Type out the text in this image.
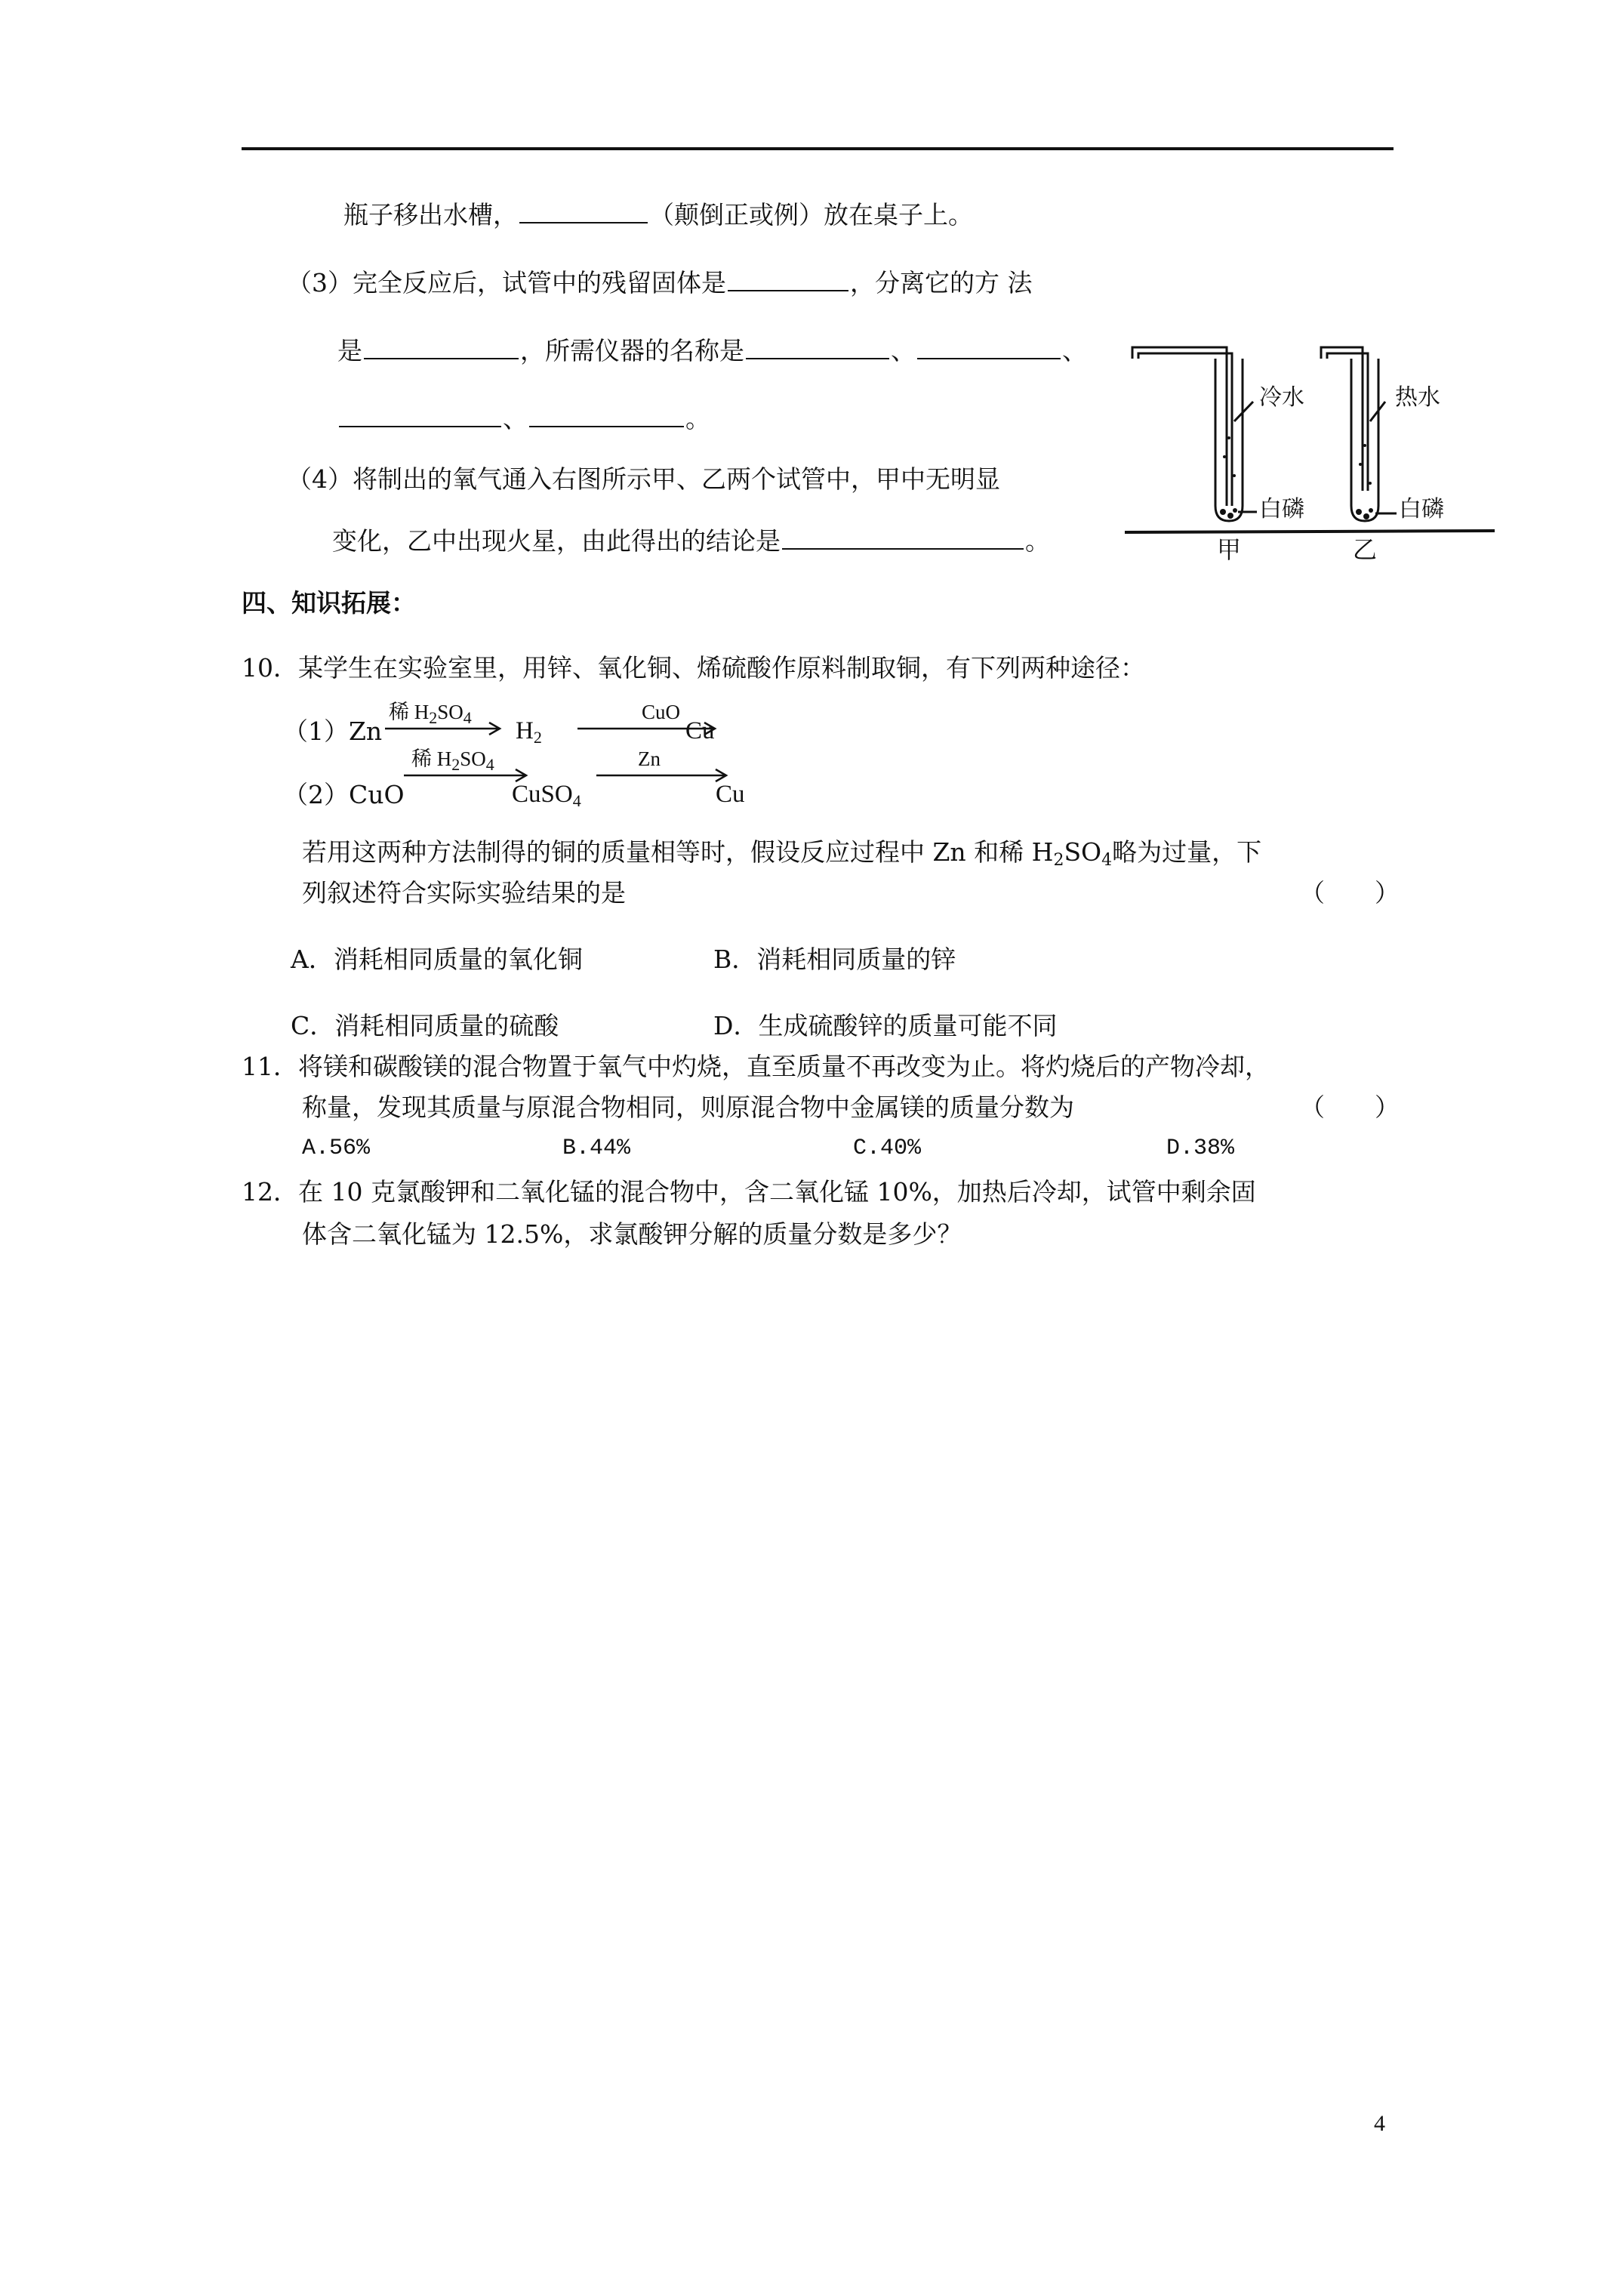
瓶子移出水槽，	（颠倒正或例）放在桌子上。
（3）完全反应后，试管中的残留固体是	，分离它的方 法
是	，所需仪器的名称是	、	、
、	。
（4）将制出的氧气通入右图所示甲、乙两个试管中，甲中无明显
变化，乙中出现火星，由此得出的结论是	。
冷水	热水
白磷	白磷
甲	乙
四、知识拓展：
10．某学生在实验室里，用锌、氧化铜、烯硫酸作原料制取铜，有下列两种途径：
（1）Zn
稀 $H_2SO_4$ $H_2$
CuO
Cu
稀 $H_2SO_4$	Zn
（2）CuO	CuSO$_4$	Cu
若用这两种方法制得的铜的质量相等时，假设反应过程中 Zn 和稀 $H_2SO_4$略为过量，下
列叙述符合实际实验结果的是	（　　）
A．消耗相同质量的氧化铜	B．消耗相同质量的锌
C．消耗相同质量的硫酸	D．生成硫酸锌的质量可能不同
11．将镁和碳酸镁的混合物置于氧气中灼烧，直至质量不再改变为止。将灼烧后的产物冷却，
称量，发现其质量与原混合物相同，则原混合物中金属镁的质量分数为	（　　）
A.56%	B.44%	C.40%	D.38%
12．在 10 克氯酸钾和二氧化锰的混合物中，含二氧化锰 10%，加热后冷却，试管中剩余固
体含二氧化锰为 12.5%，求氯酸钾分解的质量分数是多少？
4
